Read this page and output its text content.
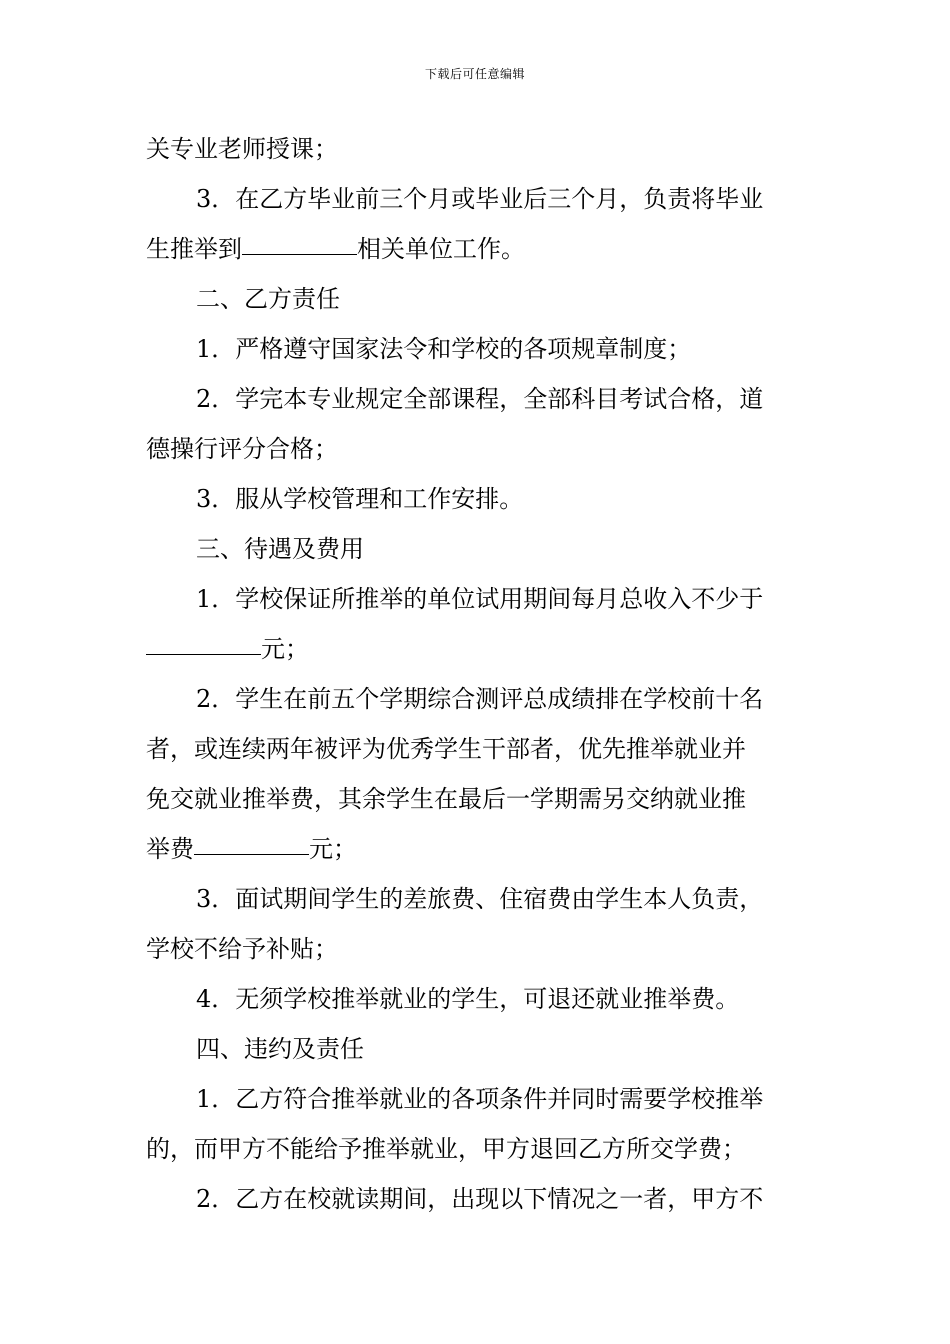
下载后可任意编辑
关专业老师授课；
3．在乙方毕业前三个月或毕业后三个月，负责将毕业
生推举到	相关单位工作。
二、乙方责任
1．严格遵守国家法令和学校的各项规章制度；
2．学完本专业规定全部课程，全部科目考试合格，道
德操行评分合格；
3．服从学校管理和工作安排。
三、待遇及费用
1．学校保证所推举的单位试用期间每月总收入不少于
元；
2．学生在前五个学期综合测评总成绩排在学校前十名
者，或连续两年被评为优秀学生干部者，优先推举就业并
免交就业推举费，其余学生在最后一学期需另交纳就业推
举费	元；
3．面试期间学生的差旅费、住宿费由学生本人负责，
学校不给予补贴；
4．无须学校推举就业的学生，可退还就业推举费。
四、违约及责任
1．乙方符合推举就业的各项条件并同时需要学校推举
的，而甲方不能给予推举就业，甲方退回乙方所交学费；
2．乙方在校就读期间，出现以下情况之一者，甲方不
